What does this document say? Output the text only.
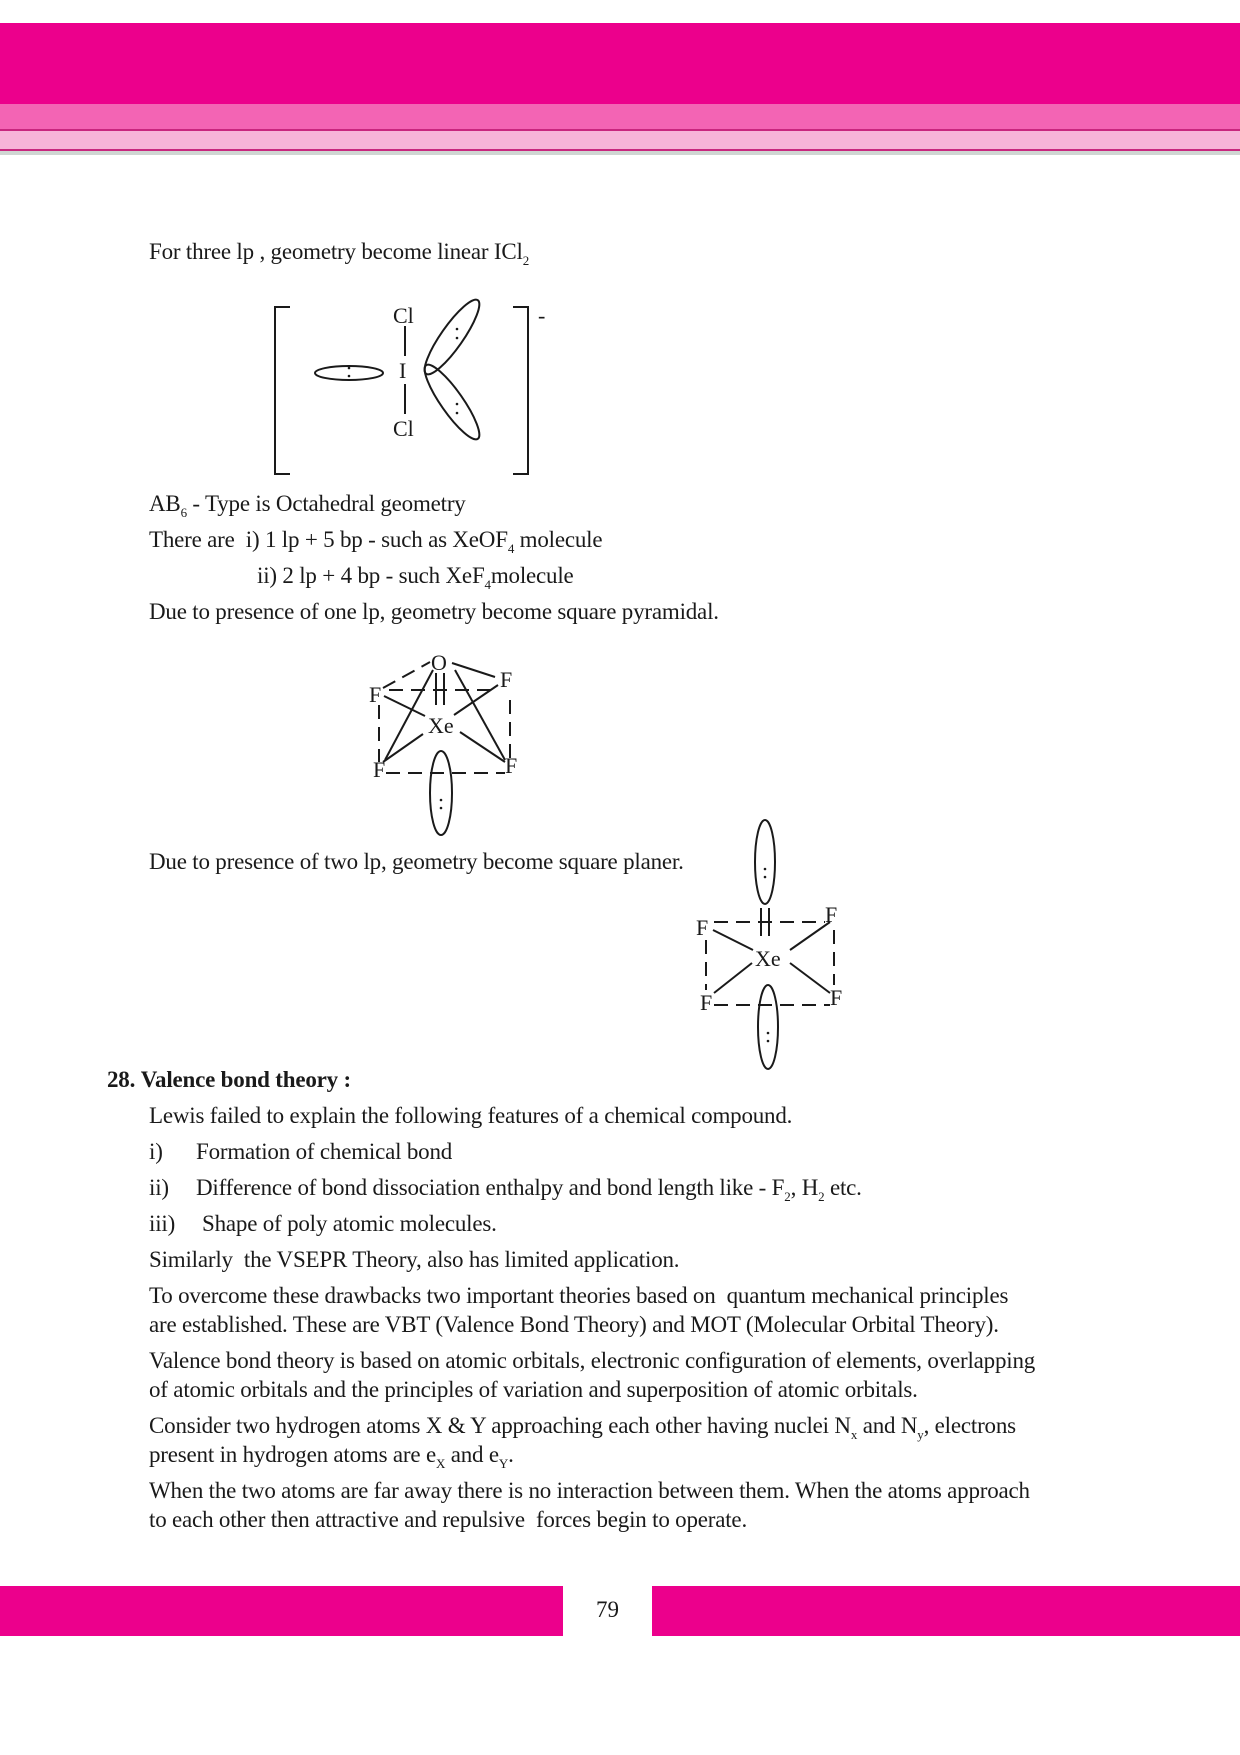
For three lp , geometry become linear ICl$_2$
-
Cl
I
Cl
$AB_6$ - Type is Octahedral geometry
There are  i) 1 lp + 5 bp - such as XeOF$_4$ molecule
ii) 2 lp + 4 bp - such XeF$_4$molecule
Due to presence of one lp, geometry become square pyramidal.
O
Xe
F
F
F	F
Due to presence of two lp, geometry become square planer.
F
F
Xe
F	F
28. Valence bond theory :
Lewis failed to explain the following features of a chemical compound.
i) Formation of chemical bond
ii) Difference of bond dissociation enthalpy and bond length like - $F_2$, $H_2$ etc.
iii) Shape of poly atomic molecules.
Similarly  the VSEPR Theory, also has limited application.
To overcome these drawbacks two important theories based on  quantum mechanical principles
are established. These are VBT (Valence Bond Theory) and MOT (Molecular Orbital Theory).
Valence bond theory is based on atomic orbitals, electronic configuration of elements, overlapping
of atomic orbitals and the principles of variation and superposition of atomic orbitals.
Consider two hydrogen atoms X & Y approaching each other having nuclei $N_x$ and $N_y$, electrons
present in hydrogen atoms are $e_X$ and $e_Y$.
When the two atoms are far away there is no interaction between them. When the atoms approach
to each other then attractive and repulsive  forces begin to operate.
79
